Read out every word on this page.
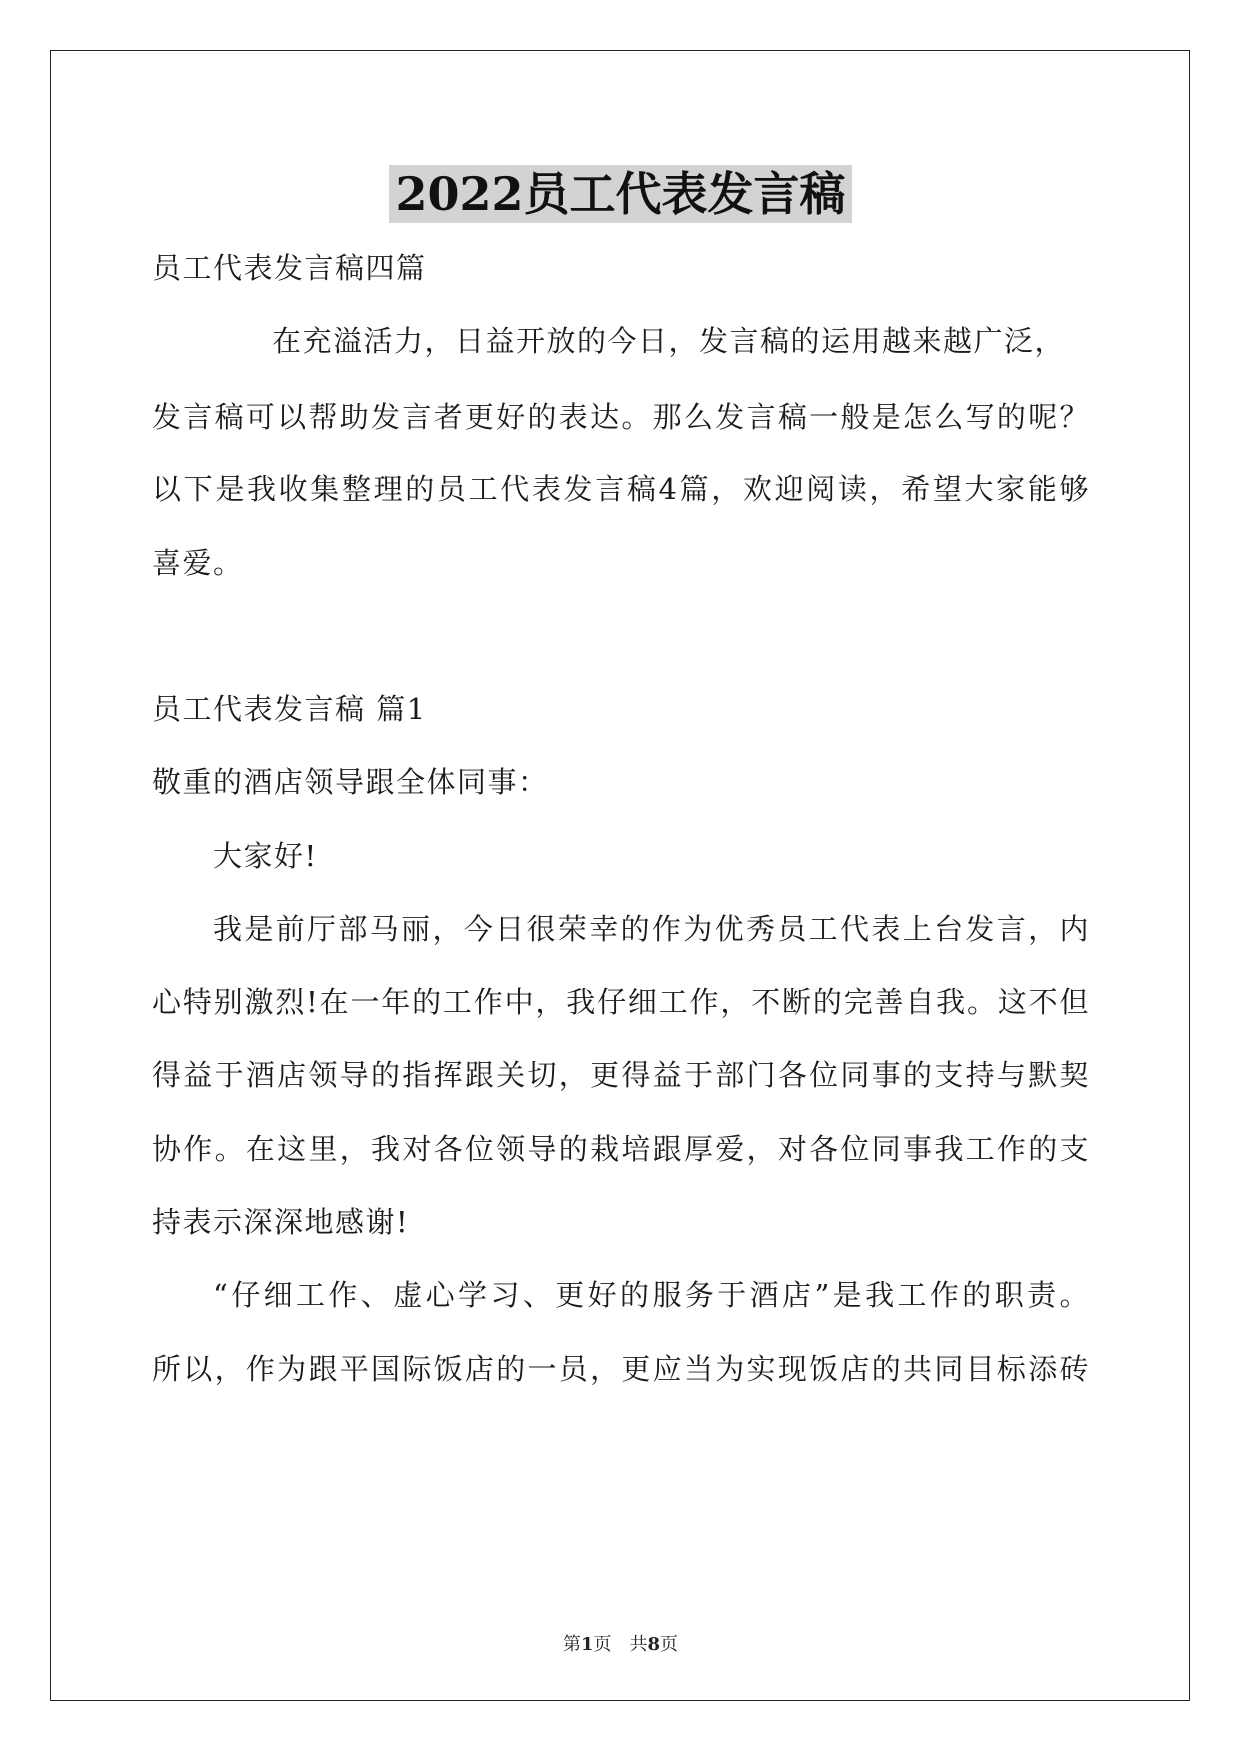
2022员工代表发言稿
员工代表发言稿四篇
在充溢活力，日益开放的今日，发言稿的运用越来越广泛，
发言稿可以帮助发言者更好的表达。那么发言稿一般是怎么写的呢？
以下是我收集整理的员工代表发言稿4篇，欢迎阅读，希望大家能够
喜爱。
员工代表发言稿 篇1
敬重的酒店领导跟全体同事：
大家好!
我是前厅部马丽，今日很荣幸的作为优秀员工代表上台发言，内
心特别激烈!在一年的工作中，我仔细工作，不断的完善自我。这不但
得益于酒店领导的指挥跟关切，更得益于部门各位同事的支持与默契
协作。在这里，我对各位领导的栽培跟厚爱，对各位同事我工作的支
持表示深深地感谢!
“仔细工作、虚心学习、更好的服务于酒店”是我工作的职责。
所以，作为跟平国际饭店的一员，更应当为实现饭店的共同目标添砖
第1页　共8页
